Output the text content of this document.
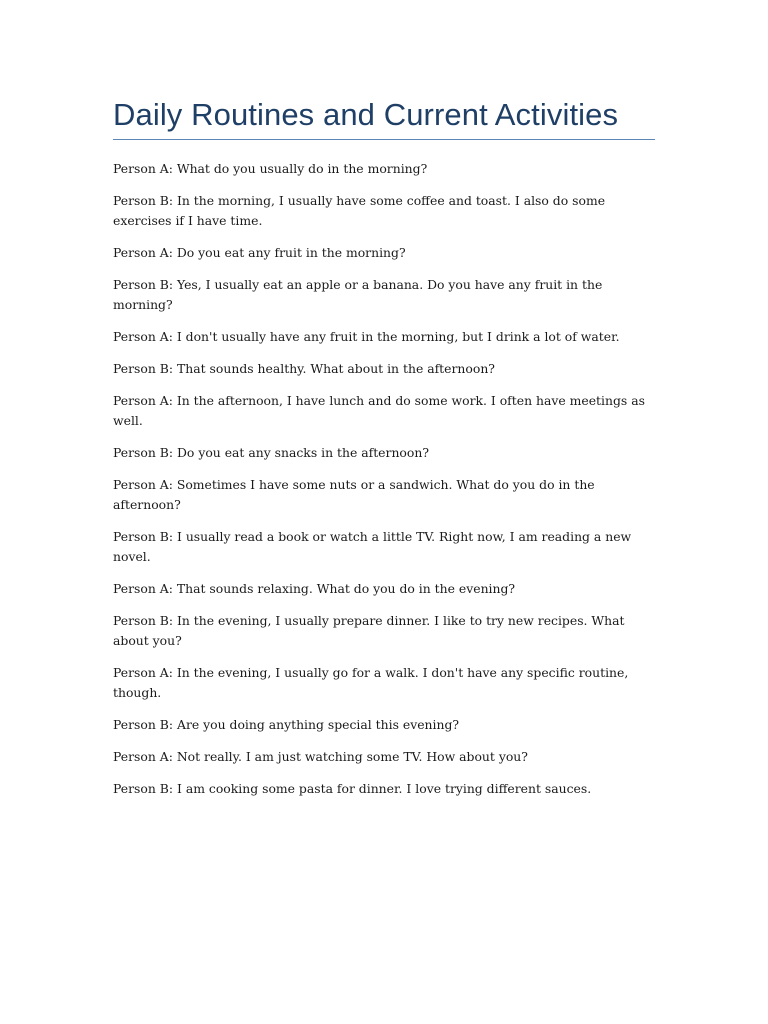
Daily Routines and Current Activities

Person A: What do you usually do in the morning?

Person B: In the morning, I usually have some coffee and toast. I also do some exercises if I have time.

Person A: Do you eat any fruit in the morning?

Person B: Yes, I usually eat an apple or a banana. Do you have any fruit in the morning?

Person A: I don't usually have any fruit in the morning, but I drink a lot of water.

Person B: That sounds healthy. What about in the afternoon?

Person A: In the afternoon, I have lunch and do some work. I often have meetings as well.

Person B: Do you eat any snacks in the afternoon?

Person A: Sometimes I have some nuts or a sandwich. What do you do in the afternoon?

Person B: I usually read a book or watch a little TV. Right now, I am reading a new novel.

Person A: That sounds relaxing. What do you do in the evening?

Person B: In the evening, I usually prepare dinner. I like to try new recipes. What about you?

Person A: In the evening, I usually go for a walk. I don't have any specific routine, though.

Person B: Are you doing anything special this evening?

Person A: Not really. I am just watching some TV. How about you?

Person B: I am cooking some pasta for dinner. I love trying different sauces.
